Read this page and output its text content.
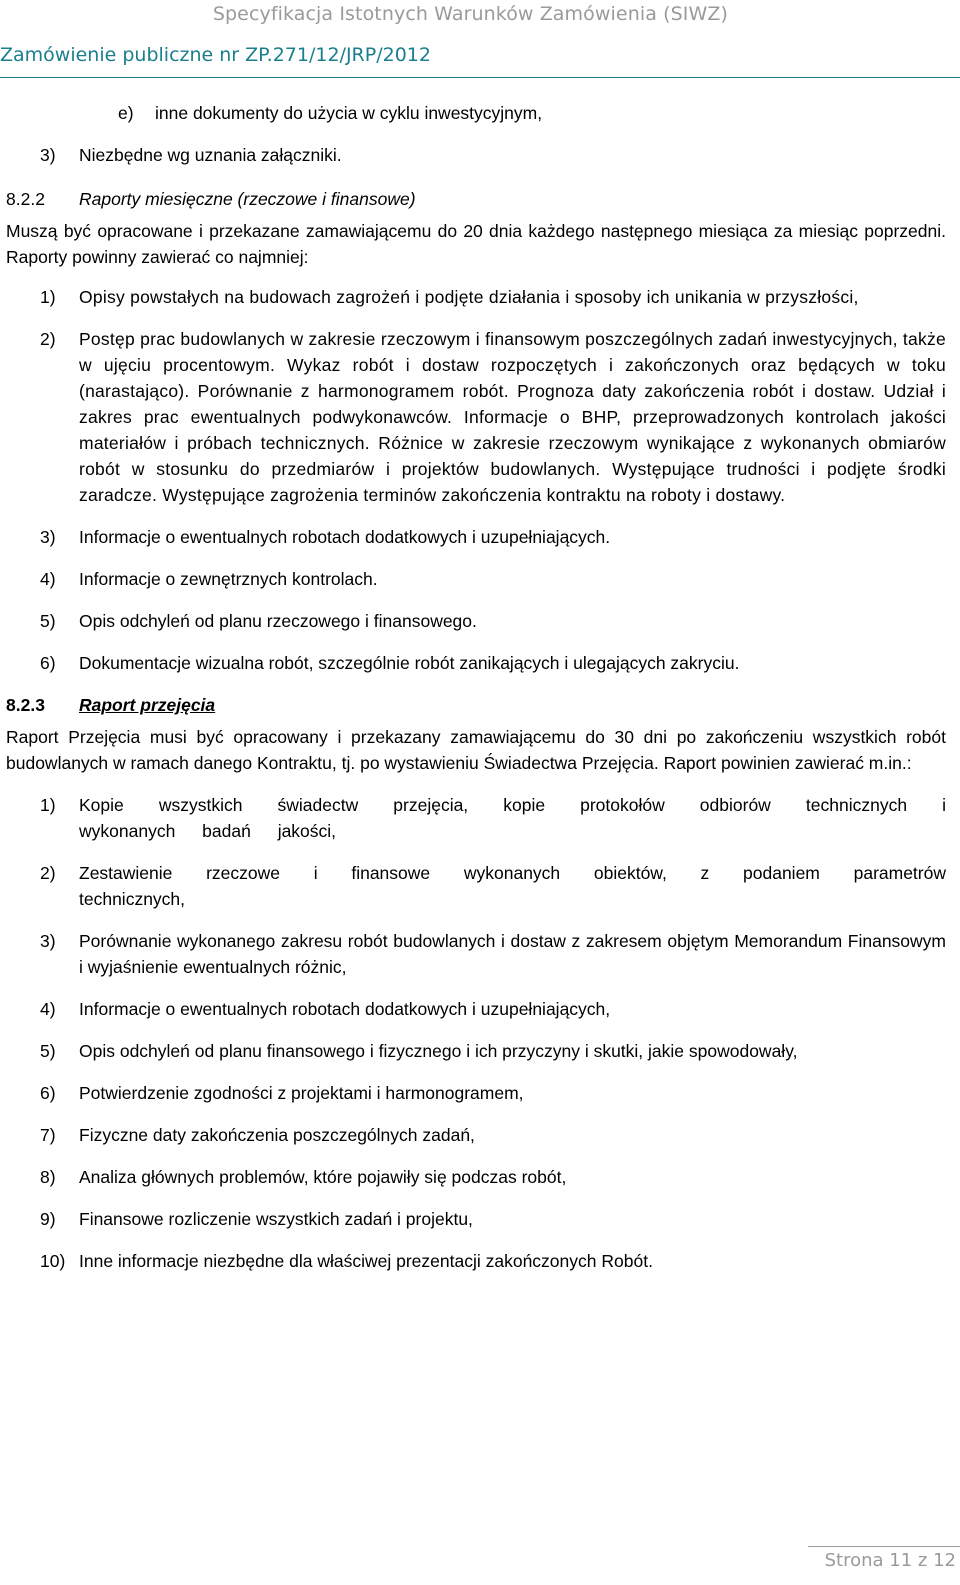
Specyfikacja Istotnych Warunków Zamówienia (SIWZ)
Zamówienie publiczne nr ZP.271/12/JRP/2012
e) inne dokumenty do użycia w cyklu inwestycyjnym,
3) Niezbędne wg uznania załączniki.
8.2.2 Raporty miesięczne (rzeczowe i finansowe)

Muszą być opracowane i przekazane zamawiającemu do 20 dnia każdego następnego miesiąca za miesiąc poprzedni. Raporty powinny zawierać co najmniej:

1) Opisy powstałych na budowach zagrożeń i podjęte działania i sposoby ich unikania w przyszłości,
2) Postęp prac budowlanych w zakresie rzeczowym i finansowym poszczególnych zadań inwestycyjnych, także w ujęciu procentowym. Wykaz robót i dostaw rozpoczętych i zakończonych oraz będących w toku (narastająco). Porównanie z harmonogramem robót. Prognoza daty zakończenia robót i dostaw. Udział i zakres prac ewentualnych podwykonawców. Informacje o BHP, przeprowadzonych kontrolach jakości materiałów i próbach technicznych. Różnice w zakresie rzeczowym wynikające z wykonanych obmiarów robót w stosunku do przedmiarów i projektów budowlanych. Występujące trudności i podjęte środki zaradcze. Występujące zagrożenia terminów zakończenia kontraktu na roboty i dostawy.
3) Informacje o ewentualnych robotach dodatkowych i uzupełniających.
4) Informacje o zewnętrznych kontrolach.
5) Opis odchyleń od planu rzeczowego i finansowego.
6) Dokumentacje wizualna robót, szczególnie robót zanikających i ulegających zakryciu.
8.2.3 Raport przejęcia

Raport Przejęcia musi być opracowany i przekazany zamawiającemu do 30 dni po zakończeniu wszystkich robót budowlanych w ramach danego Kontraktu, tj. po wystawieniu Świadectwa Przejęcia. Raport powinien zawierać m.in.:

1) Kopie wszystkich świadectw przejęcia, kopie protokołów odbiorów technicznych i wykonanych badań jakości,
2) Zestawienie rzeczowe i finansowe wykonanych obiektów, z podaniem parametrów technicznych,
3) Porównanie wykonanego zakresu robót budowlanych i dostaw z zakresem objętym Memorandum Finansowym i wyjaśnienie ewentualnych różnic,
4) Informacje o ewentualnych robotach dodatkowych i uzupełniających,
5) Opis odchyleń od planu finansowego i fizycznego i ich przyczyny i skutki, jakie spowodowały,
6) Potwierdzenie zgodności z projektami i harmonogramem,
7) Fizyczne daty zakończenia poszczególnych zadań,
8) Analiza głównych problemów, które pojawiły się podczas robót,
9) Finansowe rozliczenie wszystkich zadań i projektu,
10) Inne informacje niezbędne dla właściwej prezentacji zakończonych Robót.
Strona 11 z 12
